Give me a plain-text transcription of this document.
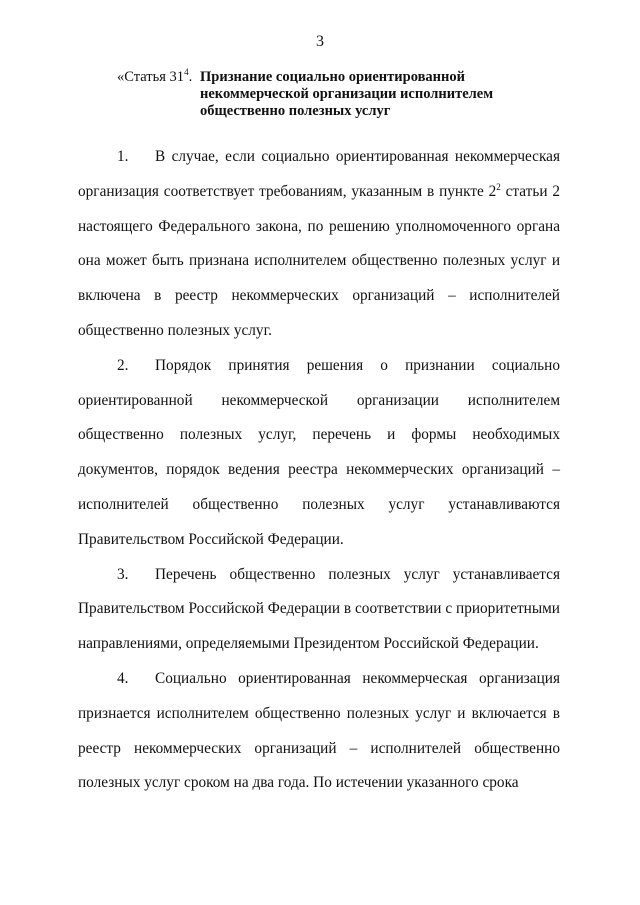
3
«Статья $31^4$. Признание социально ориентированной
некоммерческой организации исполнителем
общественно полезных услуг

1. В случае, если социально ориентированная некоммерческая организация соответствует требованиям, указанным в пункте $2^2$ статьи 2 настоящего Федерального закона, по решению уполномоченного органа она может быть признана исполнителем общественно полезных услуг и включена в реестр некоммерческих организаций – исполнителей общественно полезных услуг.

2. Порядок принятия решения о признании социально ориентированной некоммерческой организации исполнителем общественно полезных услуг, перечень и формы необходимых документов, порядок ведения реестра некоммерческих организаций – исполнителей общественно полезных услуг устанавливаются Правительством Российской Федерации.

3. Перечень общественно полезных услуг устанавливается Правительством Российской Федерации в соответствии с приоритетными направлениями, определяемыми Президентом Российской Федерации.

4. Социально ориентированная некоммерческая организация признается исполнителем общественно полезных услуг и включается в реестр некоммерческих организаций – исполнителей общественно полезных услуг сроком на два года. По истечении указанного срока
